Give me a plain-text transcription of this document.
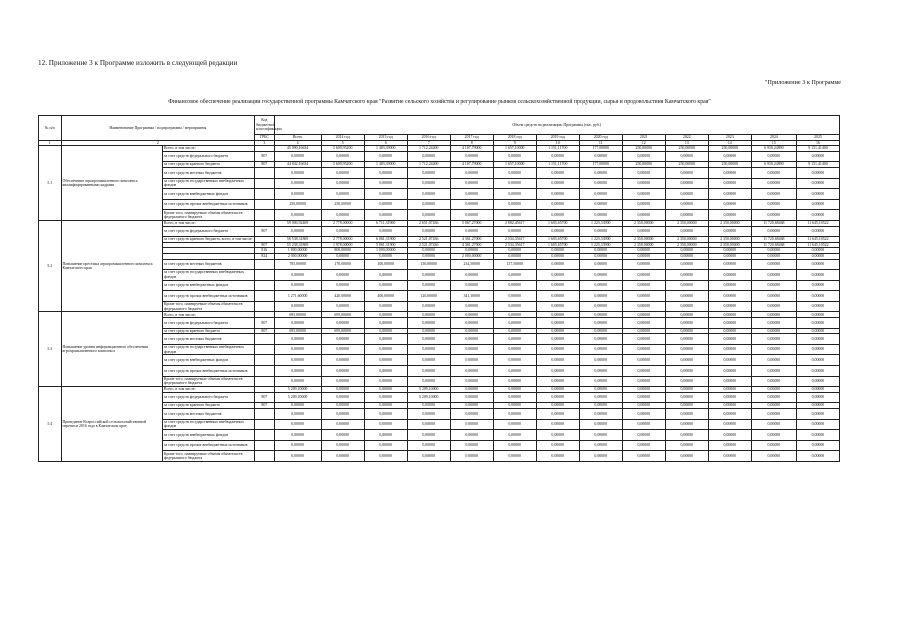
12. Приложение 3 к Программе изложить в следующей редакции
"Приложение 3 к Программе
Финансовое обеспечение реализации государственной программы Камчатского края "Развитие сельского хозяйства и регулирование рынков сельскохозяйственной продукции, сырья и продовольствия Камчатского края"
№ п/п	Наименование Программы / подпрограммы / мероприятия		Код бюджетной классификации	Объем средств на реализацию Программы (тыс. руб.)												
			ГРБС	Всего	2014 год	2015 год	2016 год	2017 год	2018 год	2019 год	2020 год	2021	2022	2023	2024	2025
1	2		3	4	5	6	7	8	9	10	11	12	13	14	15	16
5.1	Обеспечение агропромышленного комплекса квалифицированными кадрами	Всего, в том числе:		45 090,16634	5 609,95200	1 483,39000	1 712,24200	4 107,79000	1 657,10000	1 151,11700	177,00000	250,00000	250,00000	250,00000	6 950,24890	9 151,41400
		за счет средств федерального бюджета	807	0,00000	0,00000	0,00000	0,00000	0,00000	0,00000	0,00000	0,00000	0,00000	0,00000	0,00000	0,00000	0,00000
		за счет средств краевого бюджета	807	44 842,16634	5 609,95200	1 483,39000	1 712,24200	4 107,79000	1 657,10000	1 151,11700	177,00000	250,00000	250,00000	250,00000	6 950,24890	9 151,41400
		за счет средств местных бюджетов		0,00000	0,00000	0,00000	0,00000	0,00000	0,00000	0,00000	0,00000	0,00000	0,00000	0,00000	0,00000	0,00000
		за счет средств государственных внебюджетных фондов		0,00000	0,00000	0,00000	0,00000	0,00000	0,00000	0,00000	0,00000	0,00000	0,00000	0,00000	0,00000	0,00000
		за счет средств внебюджетных фондов		0,00000	0,00000	0,00000	0,00000	0,00000	0,00000	0,00000	0,00000	0,00000	0,00000	0,00000	0,00000	0,00000
		за счет средств прочих внебюджетных источников		250,00000	250,00000	0,00000	0,00000	0,00000	0,00000	0,00000	0,00000	0,00000	0,00000	0,00000	0,00000	0,00000
		Кроме того, планируемые объемы обязательств федерального бюджета		0,00000	0,00000	0,00000	0,00000	0,00000	0,00000	0,00000	0,00000	0,00000	0,00000	0,00000	0,00000	0,00000
5.2	Повышение престижа агропромышленного комплекса Камчатского края	Всего, в том числе:		59 000,92469	2 778,00000	6 711,31900	2 651,07436	5 867,27000	2 882,45617	1 605,65700	1 225,33900	2 350,00000	2 350,00000	2 350,00000	11 720,68468	11 645,10522
		за счет средств федерального бюджета	807	0,00000	0,00000	0,00000	0,00000	0,00000	0,00000	0,00000	0,00000	0,00000	0,00000	0,00000	0,00000	0,00000
		за счет средств краевого бюджета, всего, в том числе:		56 538,31869	2 778,00000	6 061,31900	2 521,07436	4 361,27000	2 534,35617	1 605,65700	1 225,33900	2 350,00000	2 350,00000	2 350,00000	11 720,68468	11 645,10522
			807	55 238,31869	1 978,00000	5 061,31900	2 521,07436	4 361,27000	2 534,35617	1 605,65700	1 225,33900	2 350,00000	2 350,00000	2 350,00000	11 720,68468	11 645,10522
			816	1 800,00000	800,00000	1 000,00000	0,00000	0,00000	0,00000	0,00000	0,00000	0,00000	0,00000	0,00000	0,00000	0,00000
			824	2 000,00000	0,00000	0,00000	0,00000	2 000,00000	0,00000	0,00000	0,00000	0,00000	0,00000	0,00000	0,00000	0,00000
		за счет средств местных бюджетов		785,00000	170,00000	100,00000	150,00000	234,50000	137,50000	0,00000	0,00000	0,00000	0,00000	0,00000	0,00000	0,00000
		за счет средств государственных внебюджетных фондов		0,00000	0,00000	0,00000	0,00000	0,00000	0,00000	0,00000	0,00000	0,00000	0,00000	0,00000	0,00000	0,00000
		за счет средств внебюджетных фондов		0,00000	0,00000	0,00000	0,00000	0,00000	0,00000	0,00000	0,00000	0,00000	0,00000	0,00000	0,00000	0,00000
		за счет средств прочих внебюджетных источников		1 271,60000	420,00000	400,00000	120,00000	341,10000	0,00000	0,00000	0,00000	0,00000	0,00000	0,00000	0,00000	0,00000
		Кроме того, планируемые объемы обязательств федерального бюджета		0,00000	0,00000	0,00000	0,00000	0,00000	0,00000	0,00000	0,00000	0,00000	0,00000	0,00000	0,00000	0,00000
5.3	Повышение уровня информационного обеспечения агропромышленного комплекса	Всего, в том числе:		695,00000	695,00000	0,00000	0,00000	0,00000	0,00000	0,00000	0,00000	0,00000	0,00000	0,00000	0,00000	0,00000
		за счет средств федерального бюджета	807	0,00000	0,00000	0,00000	0,00000	0,00000	0,00000	0,00000	0,00000	0,00000	0,00000	0,00000	0,00000	0,00000
		за счет средств краевого бюджета	807	695,00000	695,00000	0,00000	0,00000	0,00000	0,00000	0,00000	0,00000	0,00000	0,00000	0,00000	0,00000	0,00000
		за счет средств местных бюджетов		0,00000	0,00000	0,00000	0,00000	0,00000	0,00000	0,00000	0,00000	0,00000	0,00000	0,00000	0,00000	0,00000
		за счет средств государственных внебюджетных фондов		0,00000	0,00000	0,00000	0,00000	0,00000	0,00000	0,00000	0,00000	0,00000	0,00000	0,00000	0,00000	0,00000
		за счет средств внебюджетных фондов		0,00000	0,00000	0,00000	0,00000	0,00000	0,00000	0,00000	0,00000	0,00000	0,00000	0,00000	0,00000	0,00000
		за счет средств прочих внебюджетных источников		0,00000	0,00000	0,00000	0,00000	0,00000	0,00000	0,00000	0,00000	0,00000	0,00000	0,00000	0,00000	0,00000
		Кроме того, планируемые объемы обязательств федерального бюджета		0,00000	0,00000	0,00000	0,00000	0,00000	0,00000	0,00000	0,00000	0,00000	0,00000	0,00000	0,00000	0,00000
5.4	Проведение Всероссийской сельскохозяйственной переписи 2016 года в Камчатском крае	Всего, в том числе:		5 209,10000	0,00000	0,00000	5 209,10000	0,00000	0,00000	0,00000	0,00000	0,00000	0,00000	0,00000	0,00000	0,00000
		за счет средств федерального бюджета	807	5 209,10000	0,00000	0,00000	5 209,10000	0,00000	0,00000	0,00000	0,00000	0,00000	0,00000	0,00000	0,00000	0,00000
		за счет средств краевого бюджета	807	0,00000	0,00000	0,00000	0,00000	0,00000	0,00000	0,00000	0,00000	0,00000	0,00000	0,00000	0,00000	0,00000
		за счет средств местных бюджетов		0,00000	0,00000	0,00000	0,00000	0,00000	0,00000	0,00000	0,00000	0,00000	0,00000	0,00000	0,00000	0,00000
		за счет средств государственных внебюджетных фондов		0,00000	0,00000	0,00000	0,00000	0,00000	0,00000	0,00000	0,00000	0,00000	0,00000	0,00000	0,00000	0,00000
		за счет средств внебюджетных фондов		0,00000	0,00000	0,00000	0,00000	0,00000	0,00000	0,00000	0,00000	0,00000	0,00000	0,00000	0,00000	0,00000
		за счет средств прочих внебюджетных источников		0,00000	0,00000	0,00000	0,00000	0,00000	0,00000	0,00000	0,00000	0,00000	0,00000	0,00000	0,00000	0,00000
		Кроме того, планируемые объемы обязательств федерального бюджета		0,00000	0,00000	0,00000	0,00000	0,00000	0,00000	0,00000	0,00000	0,00000	0,00000	0,00000	0,00000	0,00000
